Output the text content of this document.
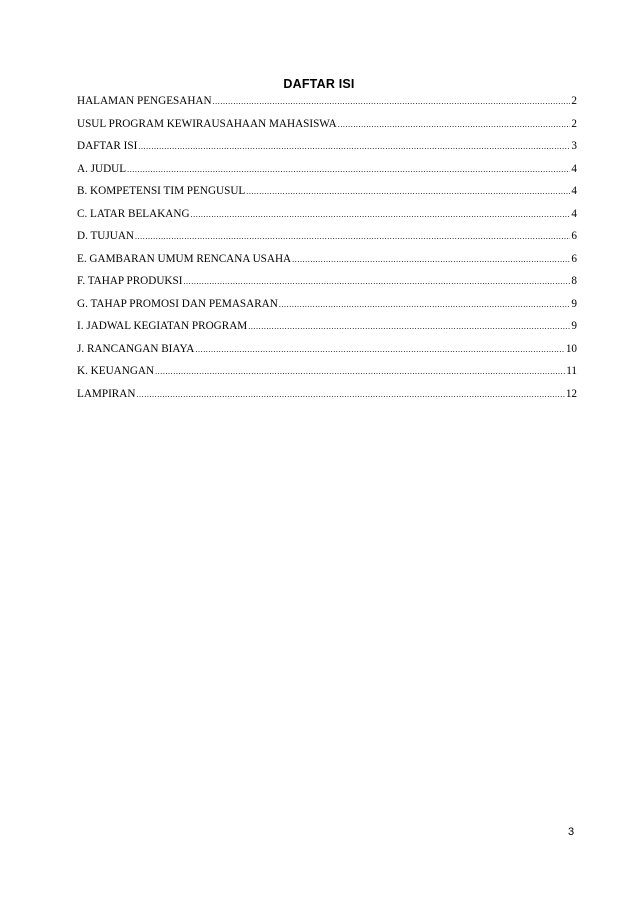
DAFTAR ISI
HALAMAN PENGESAHAN .....	2
USUL PROGRAM KEWIRAUSAHAAN MAHASISWA .....	2
DAFTAR ISI .....	3
A. JUDUL .....	4
B. KOMPETENSI TIM PENGUSUL .....	4
C. LATAR BELAKANG .....	4
D. TUJUAN .....	6
E. GAMBARAN UMUM RENCANA USAHA .....	6
F. TAHAP PRODUKSI .....	8
G. TAHAP PROMOSI DAN PEMASARAN .....	9
I. JADWAL KEGIATAN PROGRAM .....	9
J. RANCANGAN BIAYA .....	10
K. KEUANGAN .....	11
LAMPIRAN .....	12
3
